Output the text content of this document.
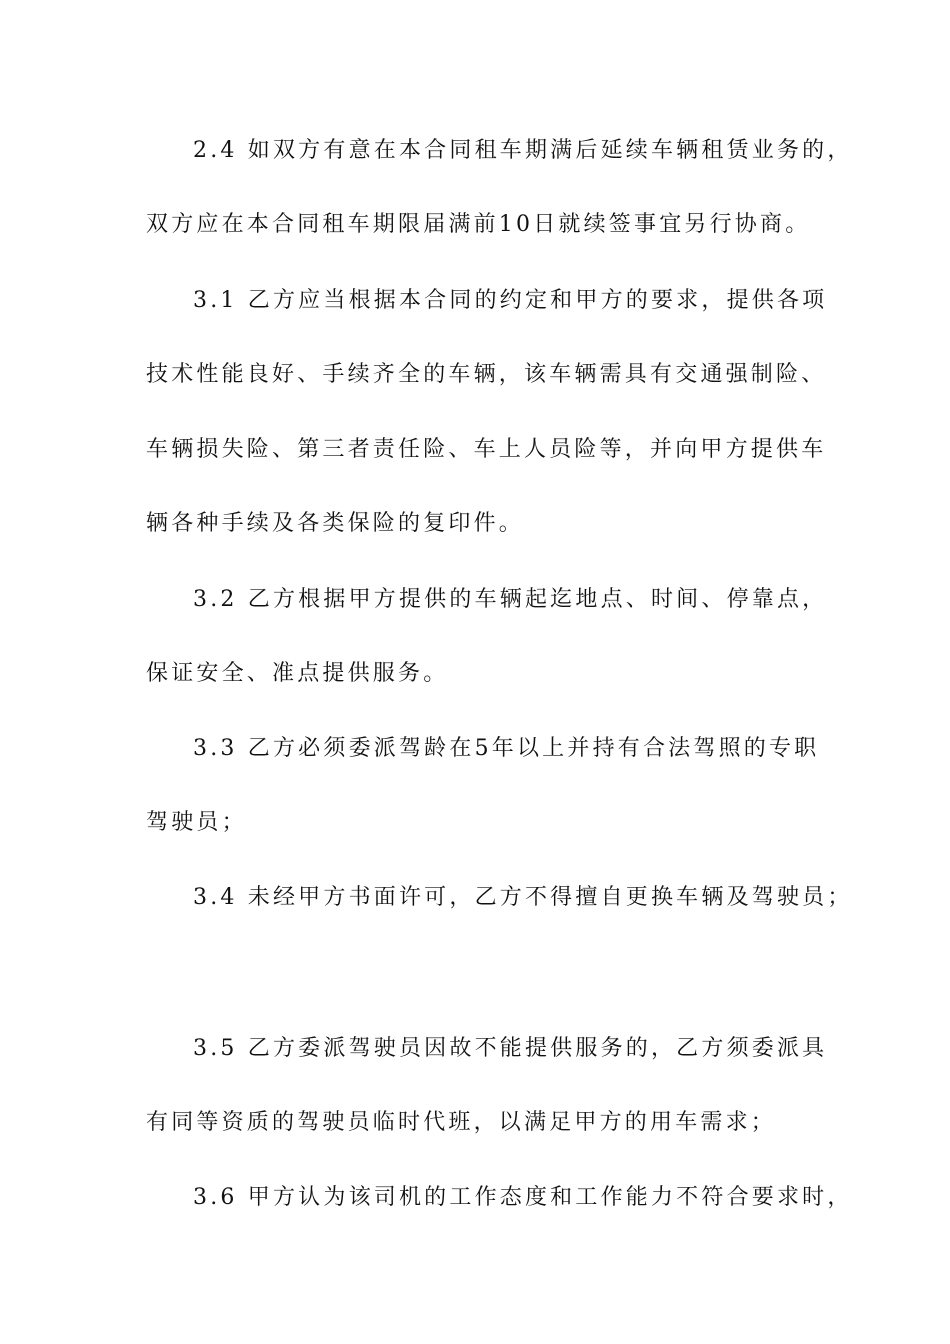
2.4 如双方有意在本合同租车期满后延续车辆租赁业务的，
双方应在本合同租车期限届满前10日就续签事宜另行协商。
3.1 乙方应当根据本合同的约定和甲方的要求，提供各项
技术性能良好、手续齐全的车辆，该车辆需具有交通强制险、
车辆损失险、第三者责任险、车上人员险等，并向甲方提供车
辆各种手续及各类保险的复印件。
3.2 乙方根据甲方提供的车辆起迄地点、时间、停靠点，
保证安全、准点提供服务。
3.3 乙方必须委派驾龄在5年以上并持有合法驾照的专职
驾驶员；
3.4 未经甲方书面许可，乙方不得擅自更换车辆及驾驶员；
3.5 乙方委派驾驶员因故不能提供服务的，乙方须委派具
有同等资质的驾驶员临时代班，以满足甲方的用车需求；
3.6 甲方认为该司机的工作态度和工作能力不符合要求时，
